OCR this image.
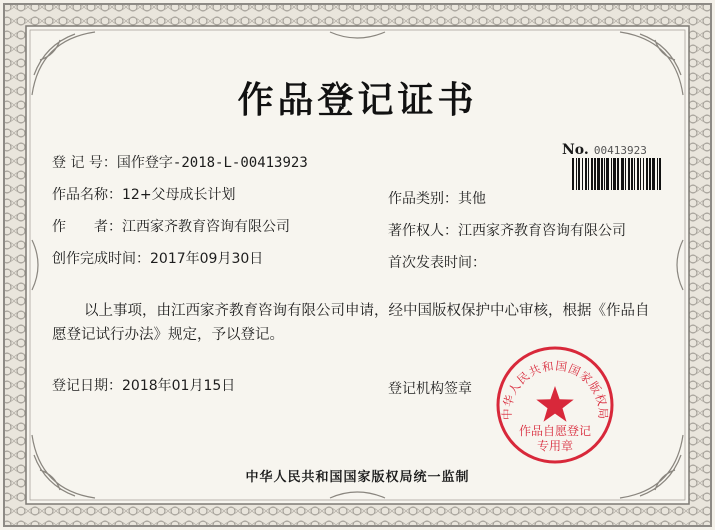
作品登记证书
No. 00413923
登 记 号：国作登字-2018-L-00413923
作品名称：12+父母成长计划	作品类别：其他
作　　者：江西家齐教育咨询有限公司	著作权人：江西家齐教育咨询有限公司
创作完成时间：2017年09月30日	首次发表时间：
以上事项，由江西家齐教育咨询有限公司申请，经中国版权保护中心审核，根据《作品自
愿登记试行办法》规定，予以登记。
登记日期：2018年01月15日	登记机构签章
中华人民共和国国家版权局
作品自愿登记
专用章
中华人民共和国国家版权局统一监制
